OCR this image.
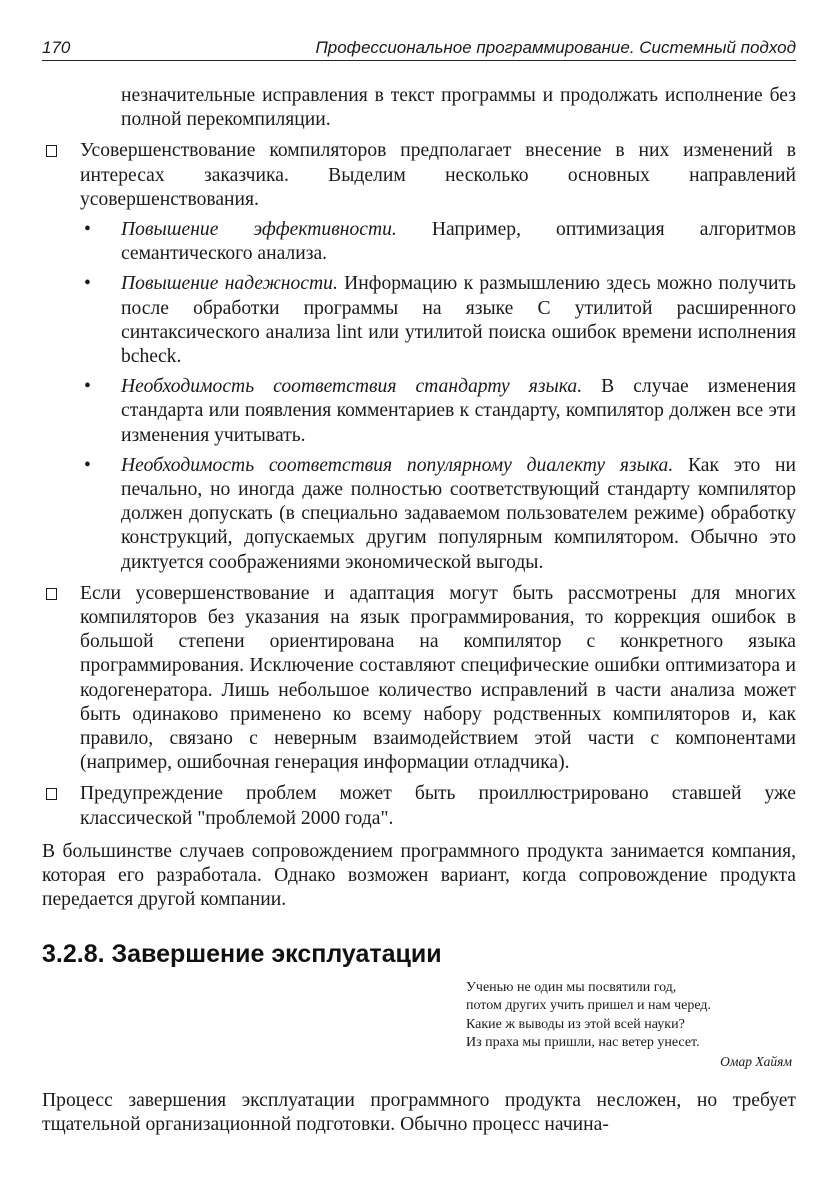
170	Профессиональное программирование. Системный подход

незначительные исправления в текст программы и продолжать исполнение без полной перекомпиляции.

Усовершенствование компиляторов предполагает внесение в них изменений в интересах заказчика. Выделим несколько основных направлений усовершенствования.

• Повышение эффективности. Например, оптимизация алгоритмов семантического анализа.

• Повышение надежности. Информацию к размышлению здесь можно получить после обработки программы на языке С утилитой расширенного синтаксического анализа lint или утилитой поиска ошибок времени исполнения bcheck.

• Необходимость соответствия стандарту языка. В случае изменения стандарта или появления комментариев к стандарту, компилятор должен все эти изменения учитывать.

• Необходимость соответствия популярному диалекту языка. Как это ни печально, но иногда даже полностью соответствующий стандарту компилятор должен допускать (в специально задаваемом пользователем режиме) обработку конструкций, допускаемых другим популярным компилятором. Обычно это диктуется соображениями экономической выгоды.

Если усовершенствование и адаптация могут быть рассмотрены для многих компиляторов без указания на язык программирования, то коррекция ошибок в большой степени ориентирована на компилятор с конкретного языка программирования. Исключение составляют специфические ошибки оптимизатора и кодогенератора. Лишь небольшое количество исправлений в части анализа может быть одинаково применено ко всему набору родственных компиляторов и, как правило, связано с неверным взаимодействием этой части с компонентами (например, ошибочная генерация информации отладчика).

Предупреждение проблем может быть проиллюстрировано ставшей уже классической "проблемой 2000 года".

В большинстве случаев сопровождением программного продукта занимается компания, которая его разработала. Однако возможен вариант, когда сопровождение продукта передается другой компании.

3.2.8. Завершение эксплуатации
Ученью не один мы посвятили год,
потом других учить пришел и нам черед.
Какие ж выводы из этой всей науки?
Из праха мы пришли, нас ветер унесет.
Омар Хайям

Процесс завершения эксплуатации программного продукта несложен, но требует тщательной организационной подготовки. Обычно процесс начина-
